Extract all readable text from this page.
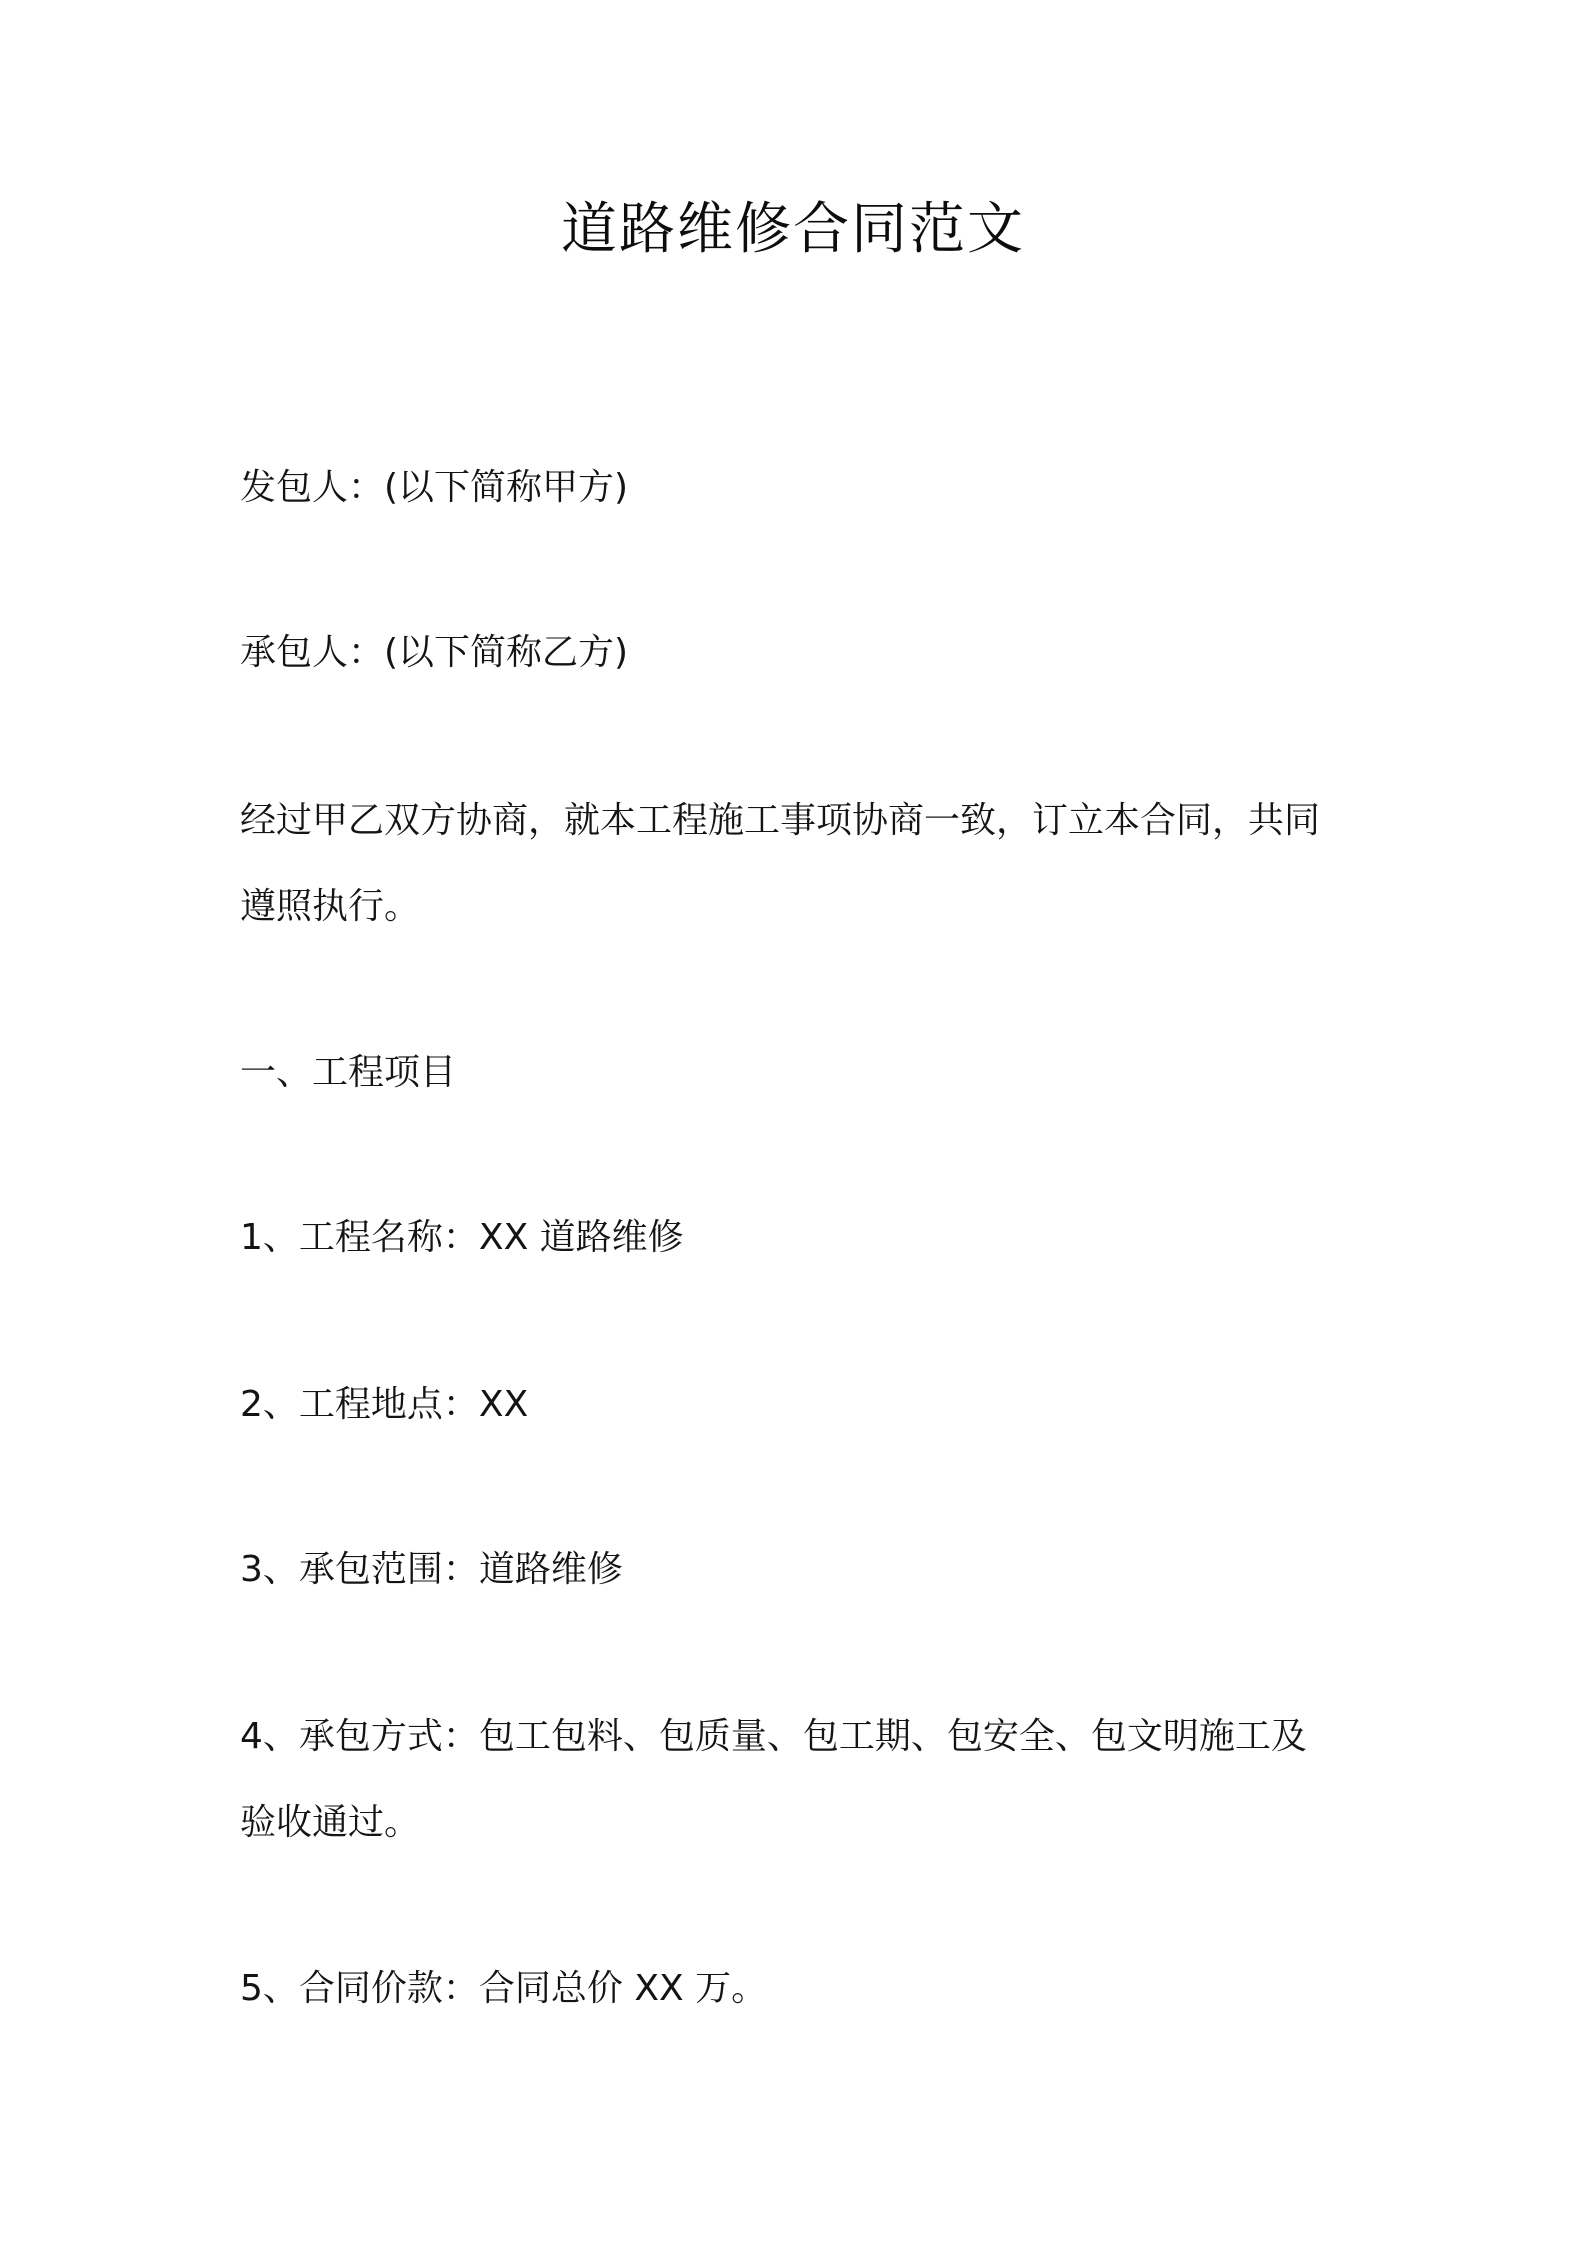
道路维修合同范文
发包人：(以下简称甲方)
承包人：(以下简称乙方)
经过甲乙双方协商，就本工程施工事项协商一致，订立本合同，共同
遵照执行。
一、工程项目
1、工程名称：XX 道路维修
2、工程地点：XX
3、承包范围：道路维修
4、承包方式：包工包料、包质量、包工期、包安全、包文明施工及
验收通过。
5、合同价款：合同总价 XX 万。
